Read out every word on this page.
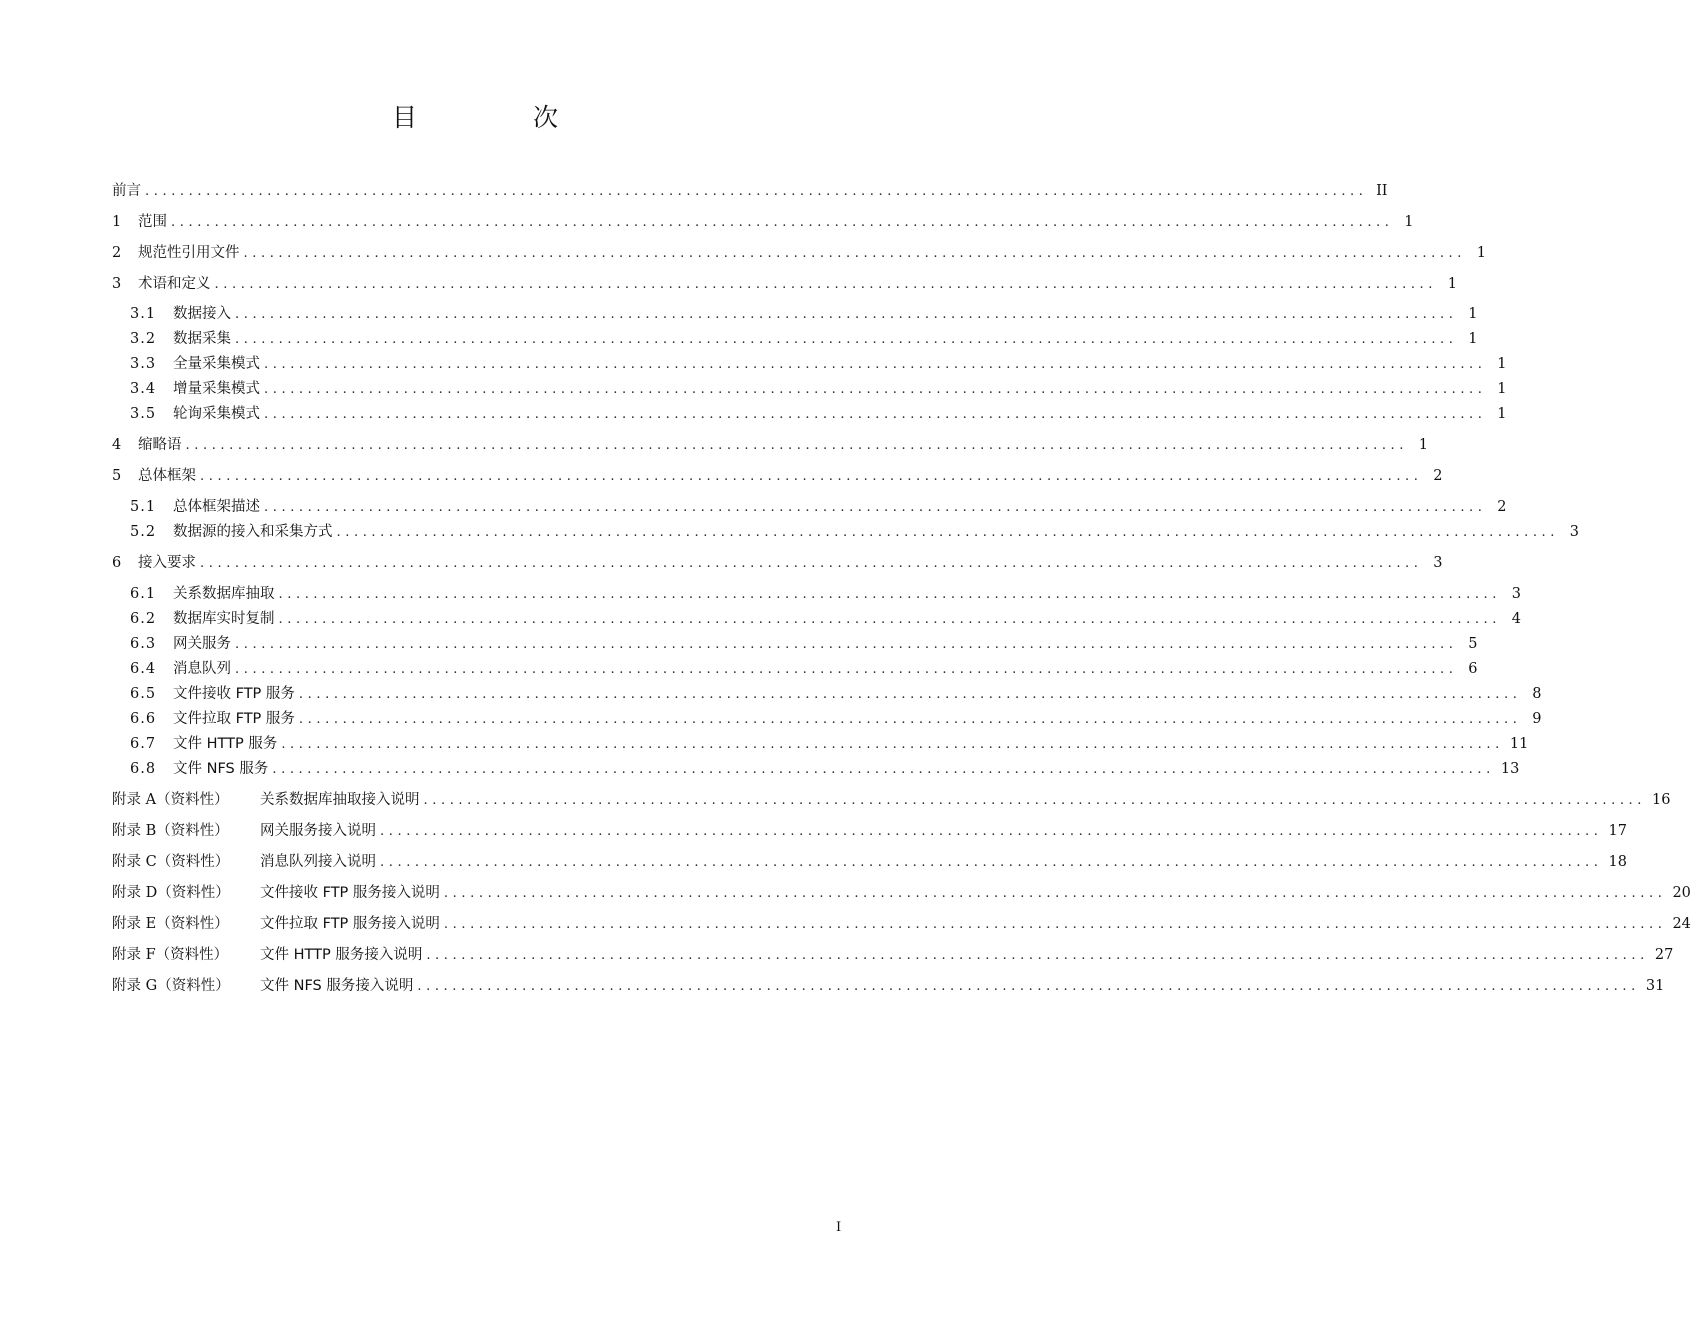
目 次
前言 ............................................................................................................................................ II
1	范围 ............................................................................................................................................ 1
2	规范性引用文件 ............................................................................................................................................ 1
3	术语和定义 ............................................................................................................................................ 1
3.1	数据接入 ............................................................................................................................................ 1
3.2	数据采集 ............................................................................................................................................ 1
3.3	全量采集模式 ............................................................................................................................................ 1
3.4	增量采集模式 ............................................................................................................................................ 1
3.5	轮询采集模式 ............................................................................................................................................ 1
4	缩略语 ............................................................................................................................................ 1
5	总体框架 ............................................................................................................................................ 2
5.1	总体框架描述 ............................................................................................................................................ 2
5.2	数据源的接入和采集方式 ............................................................................................................................................ 3
6	接入要求 ............................................................................................................................................ 3
6.1	关系数据库抽取 ............................................................................................................................................ 3
6.2	数据库实时复制 ............................................................................................................................................ 4
6.3	网关服务 ............................................................................................................................................ 5
6.4	消息队列 ............................................................................................................................................ 6
6.5	文件接收 FTP 服务 ............................................................................................................................................ 8
6.6	文件拉取 FTP 服务 ............................................................................................................................................ 9
6.7	文件 HTTP 服务 ............................................................................................................................................ 11
6.8	文件 NFS 服务 ............................................................................................................................................ 13
附录 A（资料性）	关系数据库抽取接入说明 ............................................................................................................................................ 16
附录 B（资料性）	网关服务接入说明 ............................................................................................................................................ 17
附录 C（资料性）	消息队列接入说明 ............................................................................................................................................ 18
附录 D（资料性）	文件接收 FTP 服务接入说明 ............................................................................................................................................ 20
附录 E（资料性）	文件拉取 FTP 服务接入说明 ............................................................................................................................................ 24
附录 F（资料性）	文件 HTTP 服务接入说明 ............................................................................................................................................ 27
附录 G（资料性）	文件 NFS 服务接入说明 ............................................................................................................................................ 31
I
